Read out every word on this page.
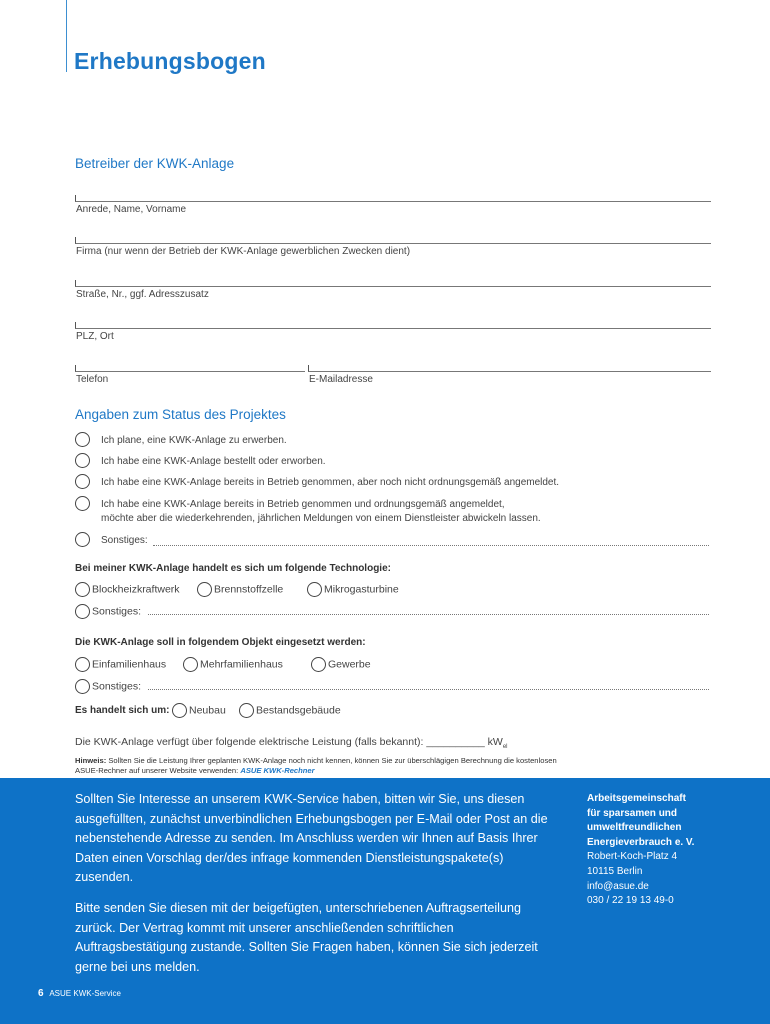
Erhebungsbogen
Betreiber der KWK-Anlage
Anrede, Name, Vorname
Firma (nur wenn der Betrieb der KWK-Anlage gewerblichen Zwecken dient)
Straße, Nr., ggf. Adresszusatz
PLZ, Ort
Telefon	E-Mailadresse
Angaben zum Status des Projektes
Ich plane, eine KWK-Anlage zu erwerben.
Ich habe eine KWK-Anlage bestellt oder erworben.
Ich habe eine KWK-Anlage bereits in Betrieb genommen, aber noch nicht ordnungsgemäß angemeldet.
Ich habe eine KWK-Anlage bereits in Betrieb genommen und ordnungsgemäß angemeldet,
möchte aber die wiederkehrenden, jährlichen Meldungen von einem Dienstleister abwickeln lassen.
Sonstiges:
Bei meiner KWK-Anlage handelt es sich um folgende Technologie:
Blockheizkraftwerk	Brennstoffzelle	Mikrogasturbine
Sonstiges:
Die KWK-Anlage soll in folgendem Objekt eingesetzt werden:
Einfamilienhaus	Mehrfamilienhaus	Gewerbe
Sonstiges:
Es handelt sich um:	Neubau	Bestandsgebäude
Die KWK-Anlage verfügt über folgende elektrische Leistung (falls bekannt): __________ $kW_{el}$
Hinweis: Sollten Sie die Leistung Ihrer geplanten KWK-Anlage noch nicht kennen, können Sie zur überschlägigen Berechnung die kostenlosen ASUE-Rechner auf unserer Website verwenden: ASUE KWK-Rechner

Sollten Sie Interesse an unserem KWK-Service haben, bitten wir Sie, uns diesen ausgefüllten, zunächst unverbindlichen Erhebungsbogen per E-Mail oder Post an die nebenstehende Adresse zu senden. Im Anschluss werden wir Ihnen auf Basis Ihrer Daten einen Vorschlag der/des infrage kommenden Dienstleistungspakete(s) zusenden.

Bitte senden Sie diesen mit der beigefügten, unterschriebenen Auftragserteilung zurück. Der Vertrag kommt mit unserer anschließenden schriftlichen Auftragsbestätigung zustande. Sollten Sie Fragen haben, können Sie sich jederzeit gerne bei uns melden.

Arbeitsgemeinschaft
für sparsamen und
umweltfreundlichen
Energieverbrauch e. V.
Robert-Koch-Platz 4
10115 Berlin
info@asue.de
030 / 22 19 13 49-0
6 ASUE KWK-Service
